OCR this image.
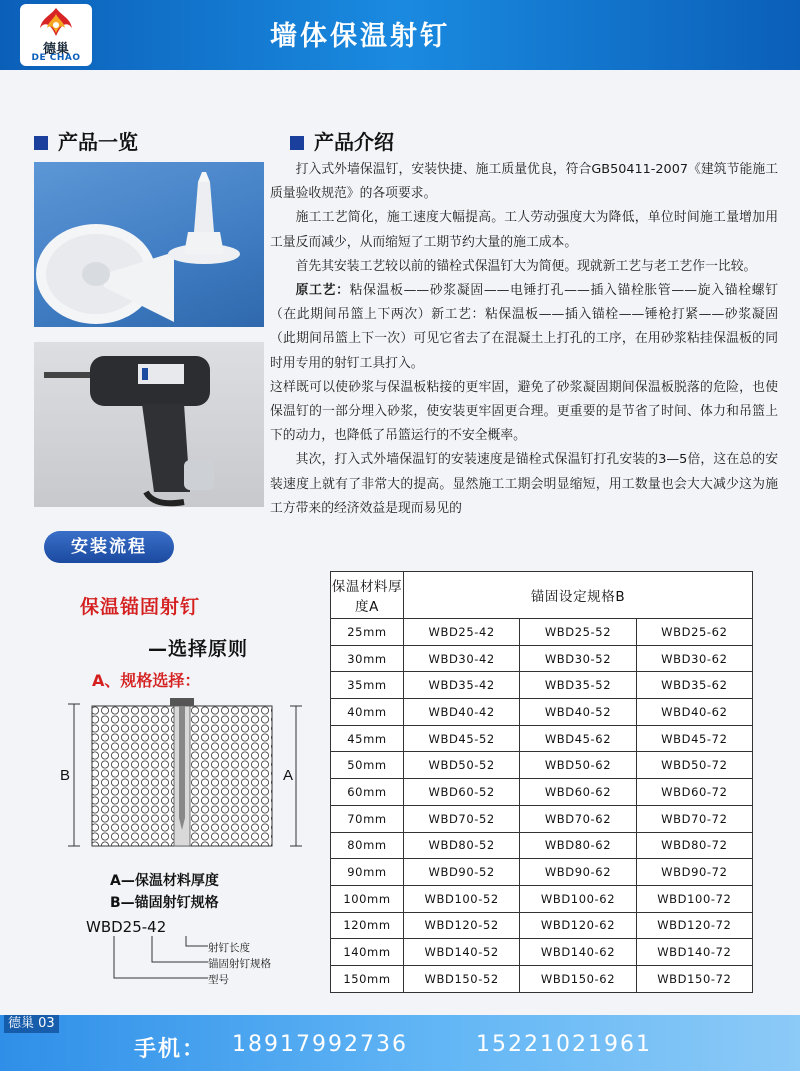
德巢
DE CHAO
墙体保温射钉
产品一览	产品介绍

打入式外墙保温钉，安装快捷、施工质量优良，符合GB50411-2007《建筑节能施工质量验收规范》的各项要求。

施工工艺简化，施工速度大幅提高。工人劳动强度大为降低，单位时间施工量增加用工量反而减少，从而缩短了工期节约大量的施工成本。

首先其安装工艺较以前的锚栓式保温钉大为简便。现就新工艺与老工艺作一比较。

原工艺：粘保温板——砂浆凝固——电锤打孔——插入锚栓胀管——旋入锚栓螺钉（在此期间吊篮上下两次）新工艺：粘保温板——插入锚栓——锤枪打紧——砂浆凝固（此期间吊篮上下一次）可见它省去了在混凝土上打孔的工序，在用砂浆粘挂保温板的同时用专用的射钉工具打入。

这样既可以使砂浆与保温板粘接的更牢固，避免了砂浆凝固期间保温板脱落的危险，也使保温钉的一部分埋入砂浆，使安装更牢固更合理。更重要的是节省了时间、体力和吊篮上下的动力，也降低了吊篮运行的不安全概率。

其次，打入式外墙保温钉的安装速度是锚栓式保温钉打孔安装的3—5倍，这在总的安装速度上就有了非常大的提高。显然施工工期会明显缩短，用工数量也会大大减少这为施工方带来的经济效益是现而易见的

安装流程
保温锚固射钉
—选择原则
A、规格选择：
B	A
A—保温材料厚度
B—锚固射钉规格
WBD25-42
射钉长度
锚固射钉规格
型号
保温材料厚度A	锚固设定规格B		
25mm	WBD25-42	WBD25-52	WBD25-62
30mm	WBD30-42	WBD30-52	WBD30-62
35mm	WBD35-42	WBD35-52	WBD35-62
40mm	WBD40-42	WBD40-52	WBD40-62
45mm	WBD45-52	WBD45-62	WBD45-72
50mm	WBD50-52	WBD50-62	WBD50-72
60mm	WBD60-52	WBD60-62	WBD60-72
70mm	WBD70-52	WBD70-62	WBD70-72
80mm	WBD80-52	WBD80-62	WBD80-72
90mm	WBD90-52	WBD90-62	WBD90-72
100mm	WBD100-52	WBD100-62	WBD100-72
120mm	WBD120-52	WBD120-62	WBD120-72
140mm	WBD140-52	WBD140-62	WBD140-72
150mm	WBD150-52	WBD150-62	WBD150-72
德巢 03
手机： 18917992736	15221021961
